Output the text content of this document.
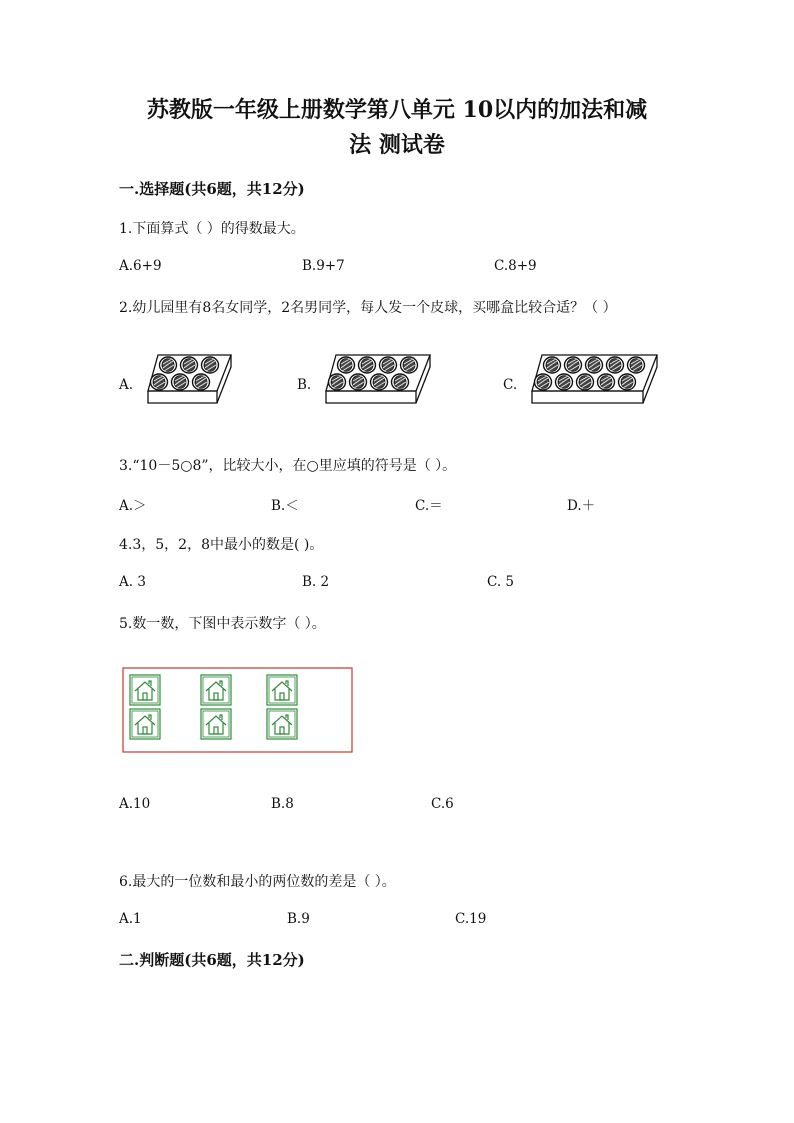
苏教版一年级上册数学第八单元 10以内的加法和减
法 测试卷
一.选择题(共6题，共12分)
1.下面算式（ ）的得数最大。
A.6+9	B.9+7	C.8+9
2.幼儿园里有8名女同学，2名男同学，每人发一个皮球，买哪盒比较合适？（ ）
A.	B.	C.
3.“10－5○8”，比较大小，在○里应填的符号是（ ）。
A.＞	B.＜	C.＝	D.＋
4.3，5，2，8中最小的数是( )。
A. 3	B. 2	C. 5
5.数一数，下图中表示数字（ ）。
A.10	B.8	C.6
6.最大的一位数和最小的两位数的差是（ ）。
A.1	B.9	C.19
二.判断题(共6题，共12分)
